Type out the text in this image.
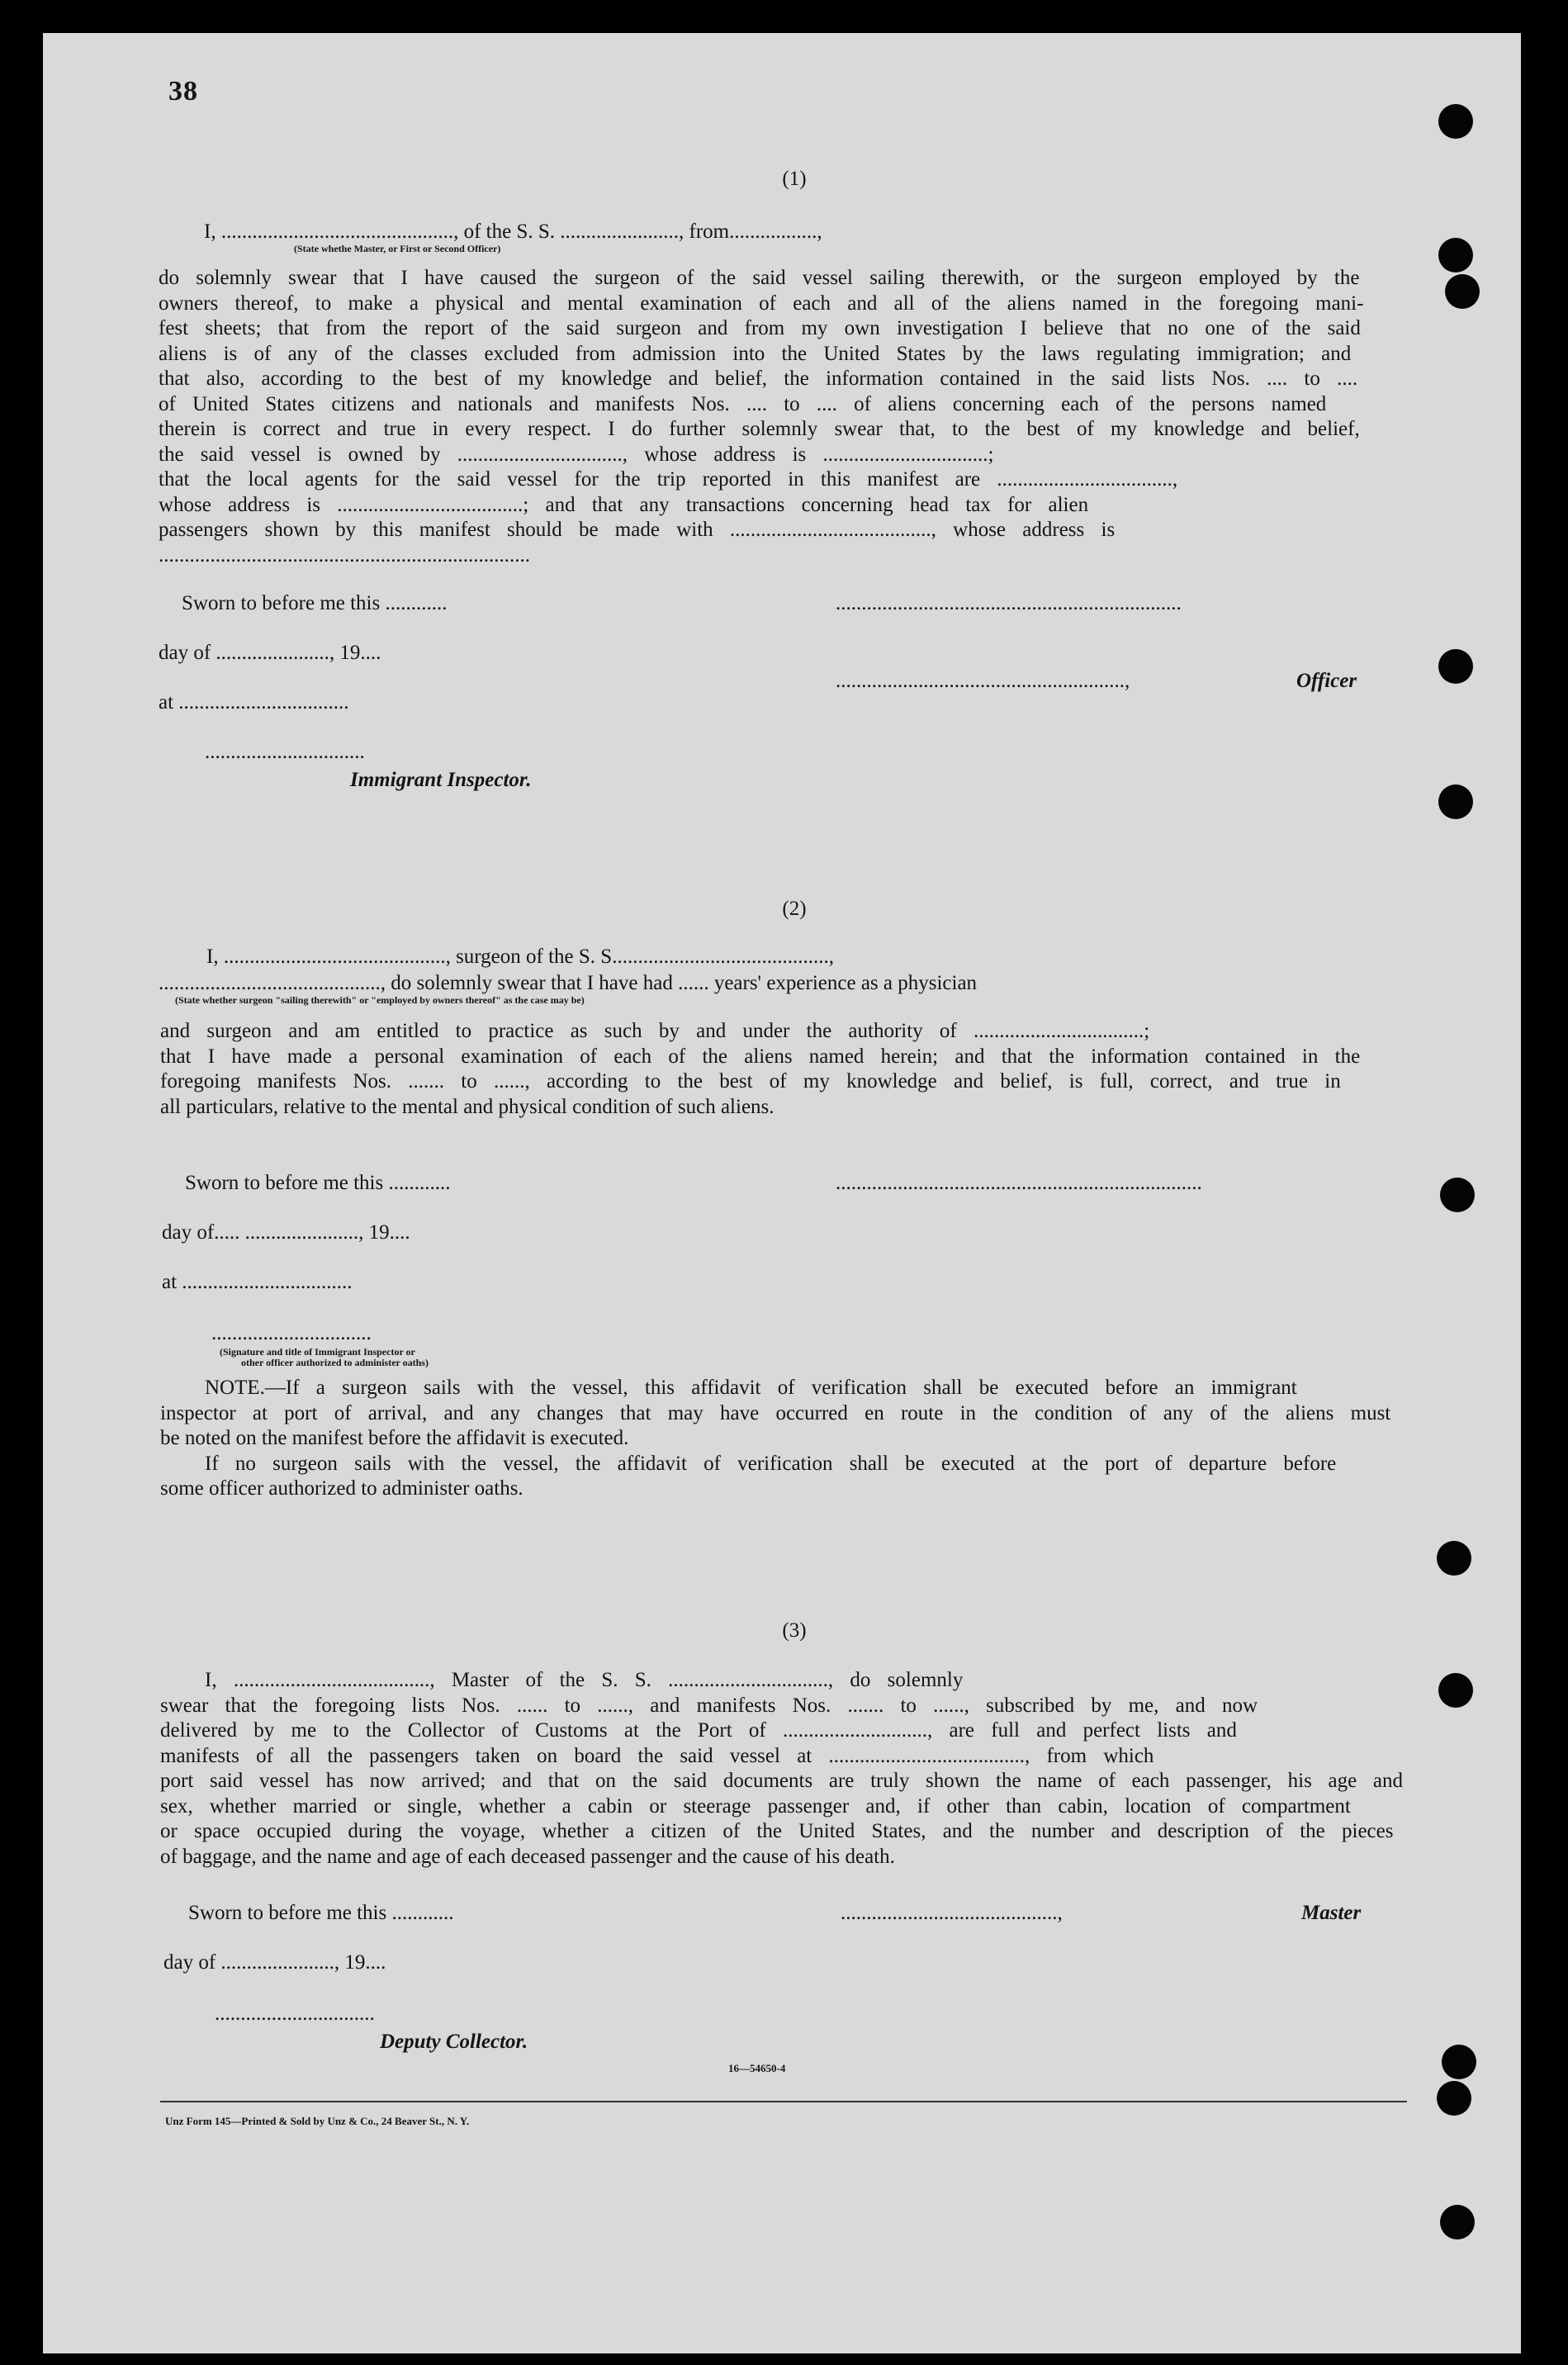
38
(1)
I, ............................................., of the S. S. ......................., from.................,
(State whethe Master, or First or Second Officer)
do solemnly swear that I have caused the surgeon of the said vessel sailing therewith, or the surgeon employed by the
owners thereof, to make a physical and mental examination of each and all of the aliens named in the foregoing mani-
fest sheets; that from the report of the said surgeon and from my own investigation I believe that no one of the said
aliens is of any of the classes excluded from admission into the United States by the laws regulating immigration; and
that also, according to the best of my knowledge and belief, the information contained in the said lists Nos. .... to ....
of United States citizens and nationals and manifests Nos. .... to .... of aliens concerning each of the persons named
therein is correct and true in every respect. I do further solemnly swear that, to the best of my knowledge and belief,
the said vessel is owned by ................................, whose address is ................................;
that the local agents for the said vessel for the trip reported in this manifest are ..................................,
whose address is ....................................; and that any transactions concerning head tax for alien
passengers shown by this manifest should be made with ......................................., whose address is
........................................................................
Sworn to before me this ............	...................................................................
day of ......................, 19....
........................................................,	Officer
at .................................
...............................
Immigrant Inspector.
(2)
I, ..........................................., surgeon of the S. S..........................................,
..........................................., do solemnly swear that I have had ...... years' experience as a physician
(State whether surgeon "sailing therewith" or "employed by owners thereof" as the case may be)
and surgeon and am entitled to practice as such by and under the authority of .................................;
that I have made a personal examination of each of the aliens named herein; and that the information contained in the
foregoing manifests Nos. ....... to ......, according to the best of my knowledge and belief, is full, correct, and true in
all particulars, relative to the mental and physical condition of such aliens.
Sworn to before me this ............	.......................................................................
day of..... ......................, 19....
at .................................
...............................
(Signature and title of Immigrant Inspector or
other officer authorized to administer oaths)
NOTE.—If a surgeon sails with the vessel, this affidavit of verification shall be executed before an immigrant
inspector at port of arrival, and any changes that may have occurred en route in the condition of any of the aliens must
be noted on the manifest before the affidavit is executed.
If no surgeon sails with the vessel, the affidavit of verification shall be executed at the port of departure before
some officer authorized to administer oaths.
(3)
I, ......................................, Master of the S. S. ..............................., do solemnly
swear that the foregoing lists Nos. ...... to ......, and manifests Nos. ....... to ......, subscribed by me, and now
delivered by me to the Collector of Customs at the Port of ............................, are full and perfect lists and
manifests of all the passengers taken on board the said vessel at ......................................, from which
port said vessel has now arrived; and that on the said documents are truly shown the name of each passenger, his age and
sex, whether married or single, whether a cabin or steerage passenger and, if other than cabin, location of compartment
or space occupied during the voyage, whether a citizen of the United States, and the number and description of the pieces
of baggage, and the name and age of each deceased passenger and the cause of his death.
Sworn to before me this ............	..........................................,	Master
day of ......................, 19....
...............................
Deputy Collector.
16—54650-4
Unz Form 145—Printed & Sold by Unz & Co., 24 Beaver St., N. Y.
